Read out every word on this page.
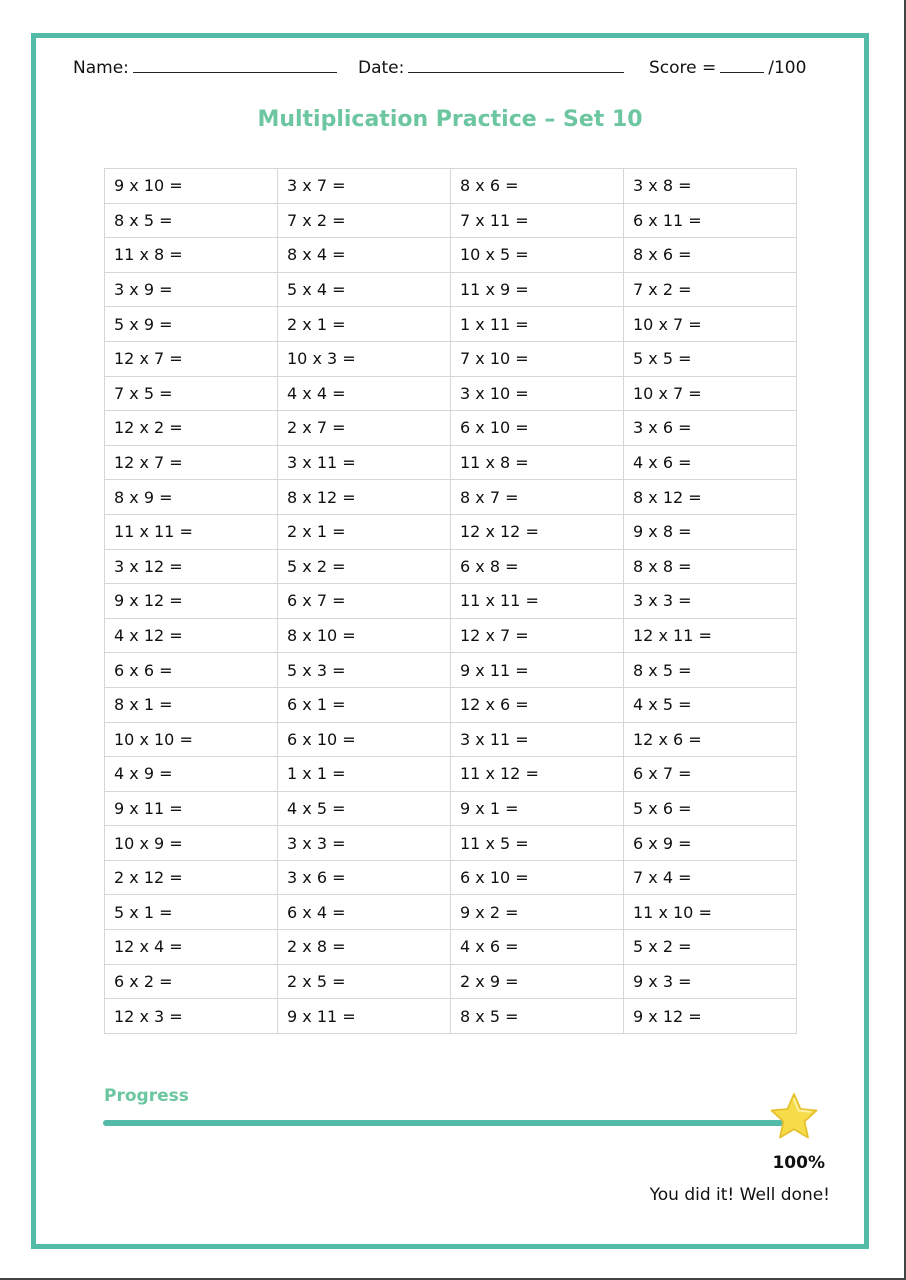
Name:	Date:	Score =	/100
Multiplication Practice – Set 10
9 x 10 =	3 x 7 =	8 x 6 =	3 x 8 =
8 x 5 =	7 x 2 =	7 x 11 =	6 x 11 =
11 x 8 =	8 x 4 =	10 x 5 =	8 x 6 =
3 x 9 =	5 x 4 =	11 x 9 =	7 x 2 =
5 x 9 =	2 x 1 =	1 x 11 =	10 x 7 =
12 x 7 =	10 x 3 =	7 x 10 =	5 x 5 =
7 x 5 =	4 x 4 =	3 x 10 =	10 x 7 =
12 x 2 =	2 x 7 =	6 x 10 =	3 x 6 =
12 x 7 =	3 x 11 =	11 x 8 =	4 x 6 =
8 x 9 =	8 x 12 =	8 x 7 =	8 x 12 =
11 x 11 =	2 x 1 =	12 x 12 =	9 x 8 =
3 x 12 =	5 x 2 =	6 x 8 =	8 x 8 =
9 x 12 =	6 x 7 =	11 x 11 =	3 x 3 =
4 x 12 =	8 x 10 =	12 x 7 =	12 x 11 =
6 x 6 =	5 x 3 =	9 x 11 =	8 x 5 =
8 x 1 =	6 x 1 =	12 x 6 =	4 x 5 =
10 x 10 =	6 x 10 =	3 x 11 =	12 x 6 =
4 x 9 =	1 x 1 =	11 x 12 =	6 x 7 =
9 x 11 =	4 x 5 =	9 x 1 =	5 x 6 =
10 x 9 =	3 x 3 =	11 x 5 =	6 x 9 =
2 x 12 =	3 x 6 =	6 x 10 =	7 x 4 =
5 x 1 =	6 x 4 =	9 x 2 =	11 x 10 =
12 x 4 =	2 x 8 =	4 x 6 =	5 x 2 =
6 x 2 =	2 x 5 =	2 x 9 =	9 x 3 =
12 x 3 =	9 x 11 =	8 x 5 =	9 x 12 =
Progress
100%
You did it! Well done!
